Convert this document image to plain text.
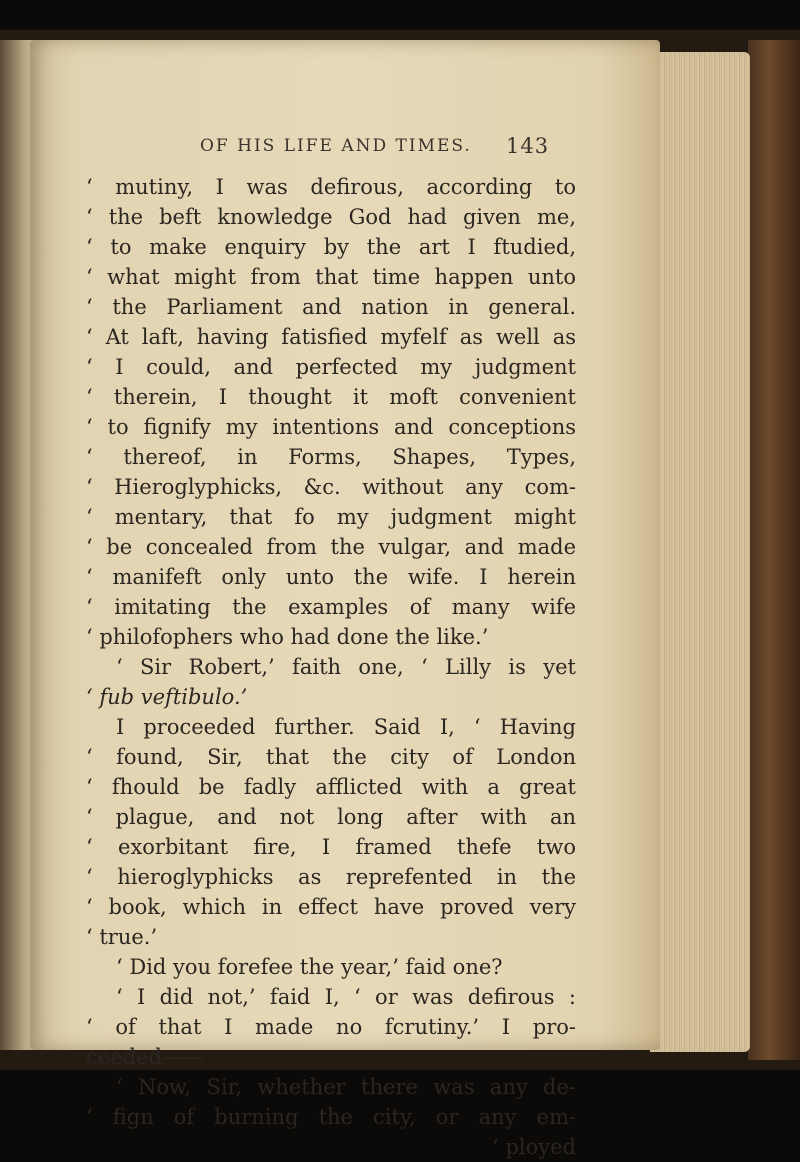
OF HIS LIFE AND TIMES. 143
‘ mutiny, I was defirous, according to
‘ the beft knowledge God had given me,
‘ to make enquiry by the art I ftudied,
‘ what might from that time happen unto
‘ the Parliament and nation in general.
‘ At laft, having fatisfied myfelf as well as
‘ I could, and perfected my judgment
‘ therein, I thought it moft convenient
‘ to fignify my intentions and conceptions
‘ thereof, in Forms, Shapes, Types,
‘ Hieroglyphicks, &c. without any com-
‘ mentary, that fo my judgment might
‘ be concealed from the vulgar, and made
‘ manifeft only unto the wife. I herein
‘ imitating the examples of many wife
‘ philofophers who had done the like.’
‘ Sir Robert,’ faith one, ‘ Lilly is yet
‘ fub veftibulo.’
I proceeded further. Said I, ‘ Having
‘ found, Sir, that the city of London
‘ fhould be fadly afflicted with a great
‘ plague, and not long after with an
‘ exorbitant fire, I framed thefe two
‘ hieroglyphicks as reprefented in the
‘ book, which in effect have proved very
‘ true.’
‘ Did you forefee the year,’ faid one?
‘ I did not,’ faid I, ‘ or was defirous :
‘ of that I made no fcrutiny.’ I pro-
ceeded——
‘ Now, Sir, whether there was any de-
‘ fign of burning the city, or any em-
‘ ployed
